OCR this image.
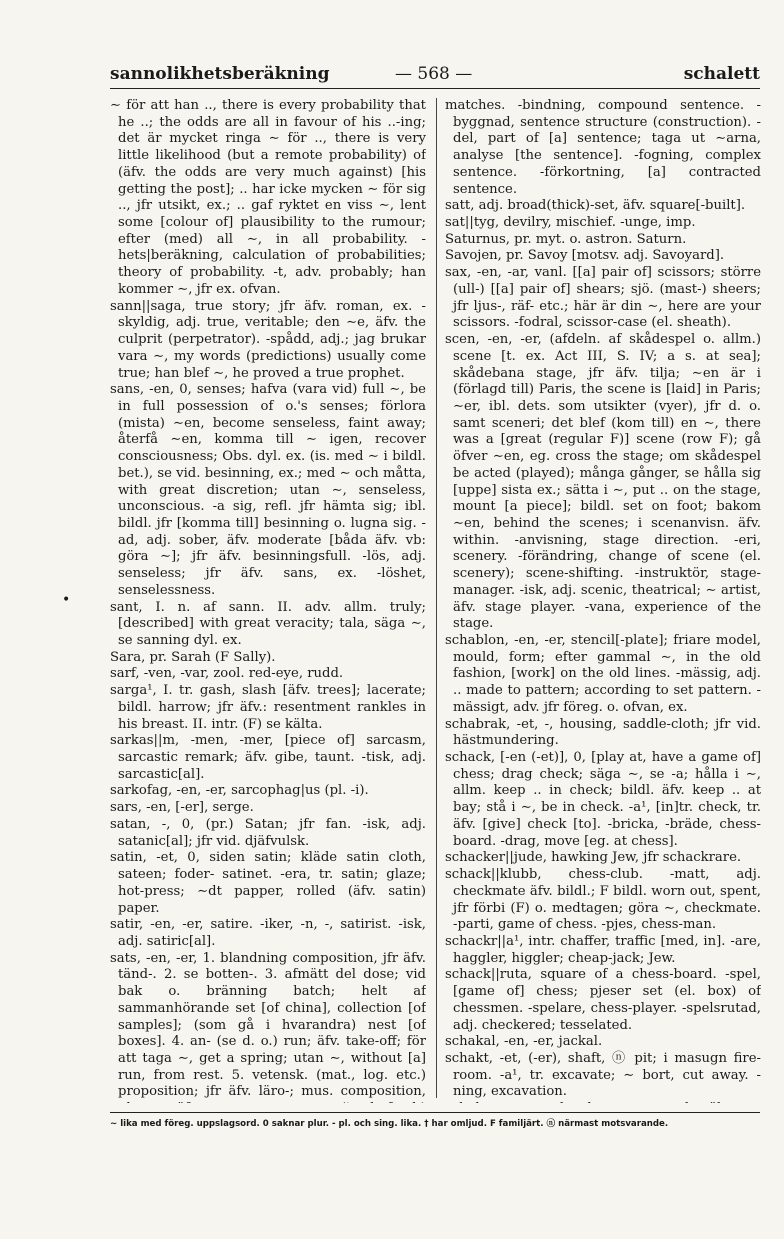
sannolikhetsberäkning	— 568 —	schalett

∼ för att han .., there is every probability that he ..; the odds are all in favour of his ..-ing; det är mycket ringa ∼ för .., there is very little likelihood (but a remote probability) of (äfv. the odds are very much against) [his getting the post]; .. har icke mycken ∼ för sig .., jfr utsikt, ex.; .. gaf ryktet en viss ∼, lent some [colour of] plausibility to the rumour; efter (med) all ∼, in all probability. -hets|beräkning, calculation of probabilities; theory of probability. -t, adv. probably; han kommer ∼, jfr ex. ofvan.

sann||saga, true story; jfr äfv. roman, ex. -skyldig, adj. true, veritable; den ∼e, äfv. the culprit (perpetrator). -spådd, adj.; jag brukar vara ∼, my words (predictions) usually come true; han blef ∼, he proved a true prophet.

sans, -en, 0, senses; hafva (vara vid) full ∼, be in full possession of o.'s senses; förlora (mista) ∼en, become senseless, faint away; återfå ∼en, komma till ∼ igen, recover consciousness; Obs. dyl. ex. (is. med ∼ i bildl. bet.), se vid. besinning, ex.; med ∼ och måtta, with great discretion; utan ∼, senseless, unconscious. -a sig, refl. jfr hämta sig; ibl. bildl. jfr [komma till] besinning o. lugna sig. -ad, adj. sober, äfv. moderate [båda äfv. vb: göra ∼]; jfr äfv. besinningsfull. -lös, adj. senseless; jfr äfv. sans, ex. -löshet, senselessness.

sant, I. n. af sann. II. adv. allm. truly; [described] with great veracity; tala, säga ∼, se sanning dyl. ex.

Sara, pr. Sarah (F Sally).

sarf, -ven, -var, zool. red-eye, rudd.

sarga¹, I. tr. gash, slash [äfv. trees]; lacerate; bildl. harrow; jfr äfv.: resentment rankles in his breast. II. intr. (F) se kälta.

sarkas||m, -men, -mer, [piece of] sarcasm, sarcastic remark; äfv. gibe, taunt. -tisk, adj. sarcastic[al].

sarkofag, -en, -er, sarcophag|us (pl. -i).

sars, -en, [-er], serge.

satan, -, 0, (pr.) Satan; jfr fan. -isk, adj. satanic[al]; jfr vid. djäfvulsk.

satin, -et, 0, siden satin; kläde satin cloth, sateen; foder- satinet. -era, tr. satin; glaze; hot-press; ∼dt papper, rolled (äfv. satin) paper.

satir, -en, -er, satire. -iker, -n, -, satirist. -isk, adj. satiric[al].

sats, -en, -er, 1. blandning composition, jfr äfv. tänd-. 2. se botten-. 3. afmätt del dose; vid bak o. bränning batch; helt af sammanhörande set [of china], collection [of samples]; (som gå i hvarandra) nest [of boxes]. 4. an- (se d. o.) run; äfv. take-off; för att taga ∼, get a spring; utan ∼, without [a] run, from rest. 5. vetensk. (mat., log. etc.) proposition; jfr äfv. läro-; mus. composition,

matches. -bindning, compound sentence. -byggnad, sentence structure (construction). -del, part of [a] sentence; taga ut ∼arna, analyse [the sentence]. -fogning, complex sentence. -förkortning, [a] contracted sentence.

satt, adj. broad(thick)-set, äfv. square[-built].

sat||tyg, devilry, mischief. -unge, imp.

Saturnus, pr. myt. o. astron. Saturn.

Savojen, pr. Savoy [motsv. adj. Savoyard].

sax, -en, -ar, vanl. [[a] pair of] scissors; större (ull-) [[a] pair of] shears; sjö. (mast-) sheers; jfr ljus-, räf- etc.; här är din ∼, here are your scissors. -fodral, scissor-case (el. sheath).

scen, -en, -er, (afdeln. af skådespel o. allm.) scene [t. ex. Act III, S. IV; a s. at sea]; skådebana stage, jfr äfv. tilja; ∼en är i (förlagd till) Paris, the scene is [laid] in Paris; ∼er, ibl. dets. som utsikter (vyer), jfr d. o. samt sceneri; det blef (kom till) en ∼, there was a [great (regular F)] scene (row F); gå öfver ∼en, eg. cross the stage; om skådespel be acted (played); många gånger, se hålla sig [uppe] sista ex.; sätta i ∼, put .. on the stage, mount [a piece]; bildl. set on foot; bakom ∼en, behind the scenes; i scenanvisn. äfv. within. -anvisning, stage direction. -eri, scenery. -förändring, change of scene (el. scenery); scene-shifting. -instruktör, stage-manager. -isk, adj. scenic, theatrical; ∼ artist, äfv. stage player. -vana, experience of the stage.

schablon, -en, -er, stencil[-plate]; friare model, mould, form; efter gammal ∼, in the old fashion, [work] on the old lines. -mässig, adj. .. made to pattern; according to set pattern. -mässigt, adv. jfr föreg. o. ofvan, ex.

schabrak, -et, -, housing, saddle-cloth; jfr vid. hästmundering.

schack, [-en (-et)], 0, [play at, have a game of] chess; drag check; säga ∼, se -a; hålla i ∼, allm. keep .. in check; bildl. äfv. keep .. at bay; stå i ∼, be in check. -a¹, [in]tr. check, tr. äfv. [give] check [to]. -bricka, -bräde, chess-board. -drag, move [eg. at chess].

schacker||jude, hawking Jew, jfr schackrare.

schack||klubb, chess-club. -matt, adj. checkmate äfv. bildl.; F bildl. worn out, spent, jfr förbi (F) o. medtagen; göra ∼, checkmate. -parti, game of chess. -pjes, chess-man.

schackr||a¹, intr. chaffer, traffic [med, in]. -are, haggler, higgler; cheap-jack; Jew.

schack||ruta, square of a chess-board. -spel, [game of] chess; pjeser set (el. box) of chessmen. -spelare, chess-player. -spelsrutad, adj. checkered; tesselated.

schakal, -en, -er, jackal.

schakt, -et, (-er), shaft, ⓝ pit; i masugn fire-room. -a¹, tr. excavate; ∼ bort, cut away. -ning, excavation.

•
∼ lika med föreg. uppslagsord. 0 saknar plur. - pl. och sing. lika. † har omljud. F familjärt. ⓝ närmast motsvarande.
